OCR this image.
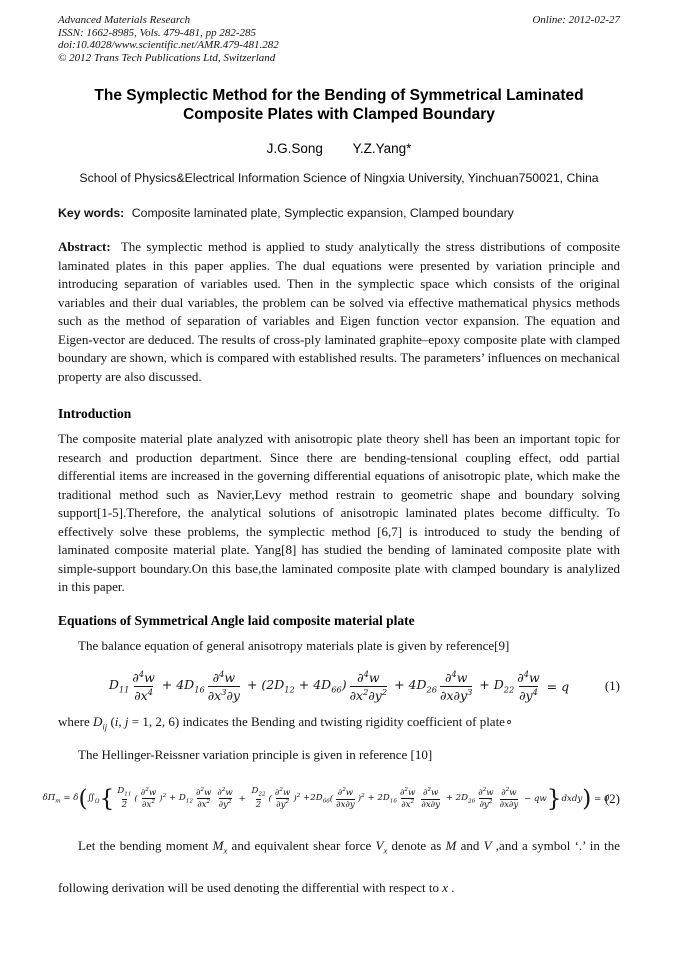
Advanced Materials Research
ISSN: 1662-8985, Vols. 479-481, pp 282-285
doi:10.4028/www.scientific.net/AMR.479-481.282
© 2012 Trans Tech Publications Ltd, Switzerland
Online: 2012-02-27
The Symplectic Method for the Bending of Symmetrical Laminated Composite Plates with Clamped Boundary
J.G.Song Y.Z.Yang*
School of Physics&Electrical Information Science of Ningxia University, Yinchuan750021, China

Key words: Composite laminated plate, Symplectic expansion, Clamped boundary

Abstract: The symplectic method is applied to study analytically the stress distributions of composite laminated plates in this paper applies. The dual equations were presented by variation principle and introducing separation of variables used. Then in the symplectic space which consists of the original variables and their dual variables, the problem can be solved via effective mathematical physics methods such as the method of separation of variables and Eigen function vector expansion. The equation and Eigen-vector are deduced. The results of cross-ply laminated graphite–epoxy composite plate with clamped boundary are shown, which is compared with established results. The parameters’ influences on mechanical property are also discussed.

Introduction

The composite material plate analyzed with anisotropic plate theory shell has been an important topic for research and production department. Since there are bending-tensional coupling effect, odd partial differential items are increased in the governing differential equations of anisotropic plate, which make the traditional method such as Navier,Levy method restrain to geometric shape and boundary solving support[1-5].Therefore, the analytical solutions of anisotropic laminated plates become difficulty. To effectively solve these problems, the symplectic method [6,7] is introduced to study the bending of laminated composite material plate. Yang[8] has studied the bending of laminated composite plate with simple-support boundary.On this base,the laminated composite plate with clamped boundary is analylized in this paper.

Equations of Symmetrical Angle laid composite material plate

The balance equation of general anisotropy materials plate is given by reference[9]

$D_{11} \frac{\partial^4w}{\partial x^4} + 4D_{16} \frac{\partial^4w}{\partial x^3\partial y} + (2D_{12} + 4D_{66}) \frac{\partial^4w}{\partial x^2\partial y^2} + 4D_{26} \frac{\partial^4w}{\partial x\partial y^3} + D_{22} \frac{\partial^4w}{\partial y^4} = q$	(1)

where $D_{ij}$ (i, j = 1, 2, 6) indicates the Bending and twisting rigidity coefficient of plate∘

The Hellinger-Reissner variation principle is given in reference [10]

$\delta\Pi_m = \delta$ ( $∬_\Omega$ { $\frac{D_{11}}{2}$ ( $\frac{\partial^2w}{\partial x^2} )^2 + D_{12} \frac{\partial^2w}{\partial x^2} \frac{\partial^2w}{\partial y^2} + \frac{D_{22}}{2}$ ( $\frac{\partial^2w}{\partial y^2} )^2 +2D_{66}$ ( $\frac{\partial^2w}{\partial x\partial y} )^2 + 2D_{16} \frac{\partial^2w}{\partial x^2} \frac{\partial^2w}{\partial x\partial y} + 2D_{26} \frac{\partial^2w}{\partial y^2} \frac{\partial^2w}{\partial x\partial y}$ − qw } dxdy ) = 0
(2)

Let the bending moment $M_x$ and equivalent shear force $V_x$ denote as M and V ,and a symbol ‘.’ in the following derivation will be used denoting the differential with respect to x .
